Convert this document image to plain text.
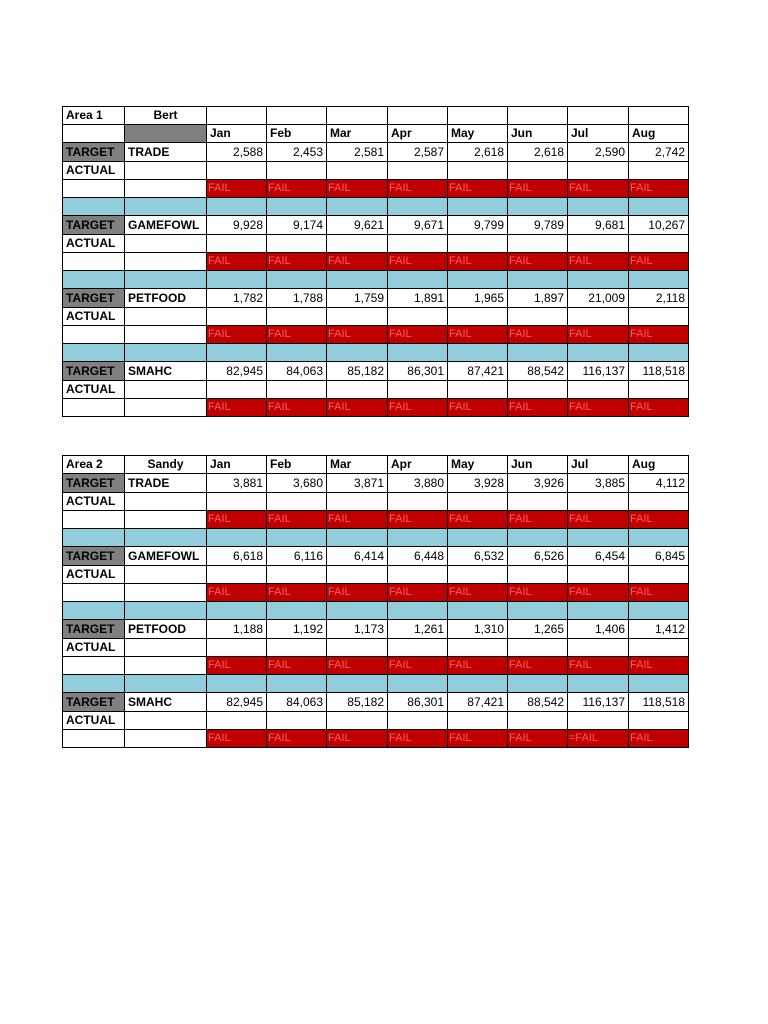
Area 1	Bert								
		Jan	Feb	Mar	Apr	May	Jun	Jul	Aug
TARGET	TRADE	2,588	2,453	2,581	2,587	2,618	2,618	2,590	2,742
ACTUAL									
		FAIL	FAIL	FAIL	FAIL	FAIL	FAIL	FAIL	FAIL

TARGET	GAMEFOWL	9,928	9,174	9,621	9,671	9,799	9,789	9,681	10,267
ACTUAL									
		FAIL	FAIL	FAIL	FAIL	FAIL	FAIL	FAIL	FAIL

TARGET	PETFOOD	1,782	1,788	1,759	1,891	1,965	1,897	21,009	2,118
ACTUAL									
		FAIL	FAIL	FAIL	FAIL	FAIL	FAIL	FAIL	FAIL

TARGET	SMAHC	82,945	84,063	85,182	86,301	87,421	88,542	116,137	118,518
ACTUAL									
		FAIL	FAIL	FAIL	FAIL	FAIL	FAIL	FAIL	FAIL
Area 2	Sandy	Jan	Feb	Mar	Apr	May	Jun	Jul	Aug
TARGET	TRADE	3,881	3,680	3,871	3,880	3,928	3,926	3,885	4,112
ACTUAL									
		FAIL	FAIL	FAIL	FAIL	FAIL	FAIL	FAIL	FAIL

TARGET	GAMEFOWL	6,618	6,116	6,414	6,448	6,532	6,526	6,454	6,845
ACTUAL									
		FAIL	FAIL	FAIL	FAIL	FAIL	FAIL	FAIL	FAIL

TARGET	PETFOOD	1,188	1,192	1,173	1,261	1,310	1,265	1,406	1,412
ACTUAL									
		FAIL	FAIL	FAIL	FAIL	FAIL	FAIL	FAIL	FAIL

TARGET	SMAHC	82,945	84,063	85,182	86,301	87,421	88,542	116,137	118,518
ACTUAL									
		FAIL	FAIL	FAIL	FAIL	FAIL	FAIL	=FAIL	FAIL
